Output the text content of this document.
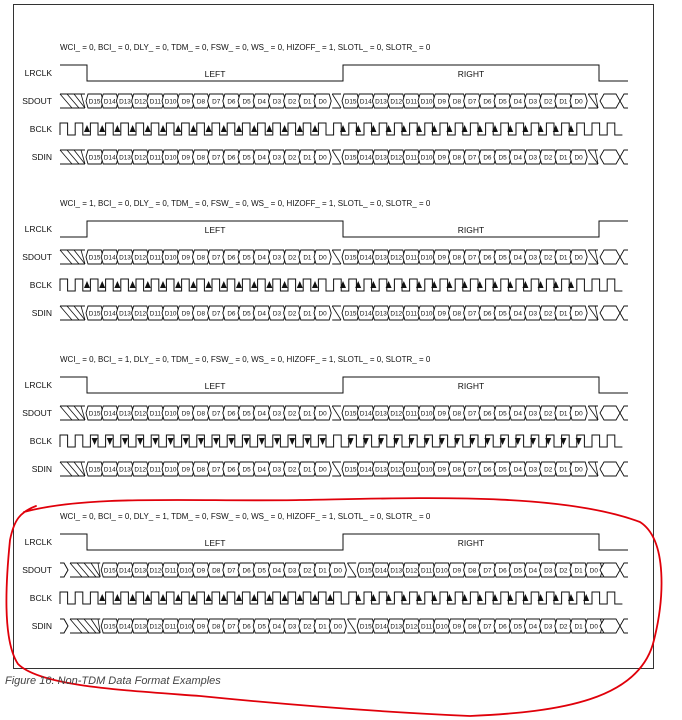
WCI_ = 0, BCI_ = 0, DLY_ = 0, TDM_ = 0, FSW_ = 0, WS_ = 0, HIZOFF_ = 1, SLOTL_ = 0, SLOTR_ = 0
LRCLK
SDOUT
BCLK
SDIN
LEFT	RIGHT
D15 D14 D13 D12 D11 D10 D9 D8 D7 D6 D5 D4 D3 D2 D1 D0	D15 D14 D13 D12 D11 D10 D9 D8 D7 D6 D5 D4 D3 D2 D1 D0
D15 D14 D13 D12 D11 D10 D9 D8 D7 D6 D5 D4 D3 D2 D1 D0	D15 D14 D13 D12 D11 D10 D9 D8 D7 D6 D5 D4 D3 D2 D1 D0
WCI_ = 1, BCI_ = 0, DLY_ = 0, TDM_ = 0, FSW_ = 0, WS_ = 0, HIZOFF_ = 1, SLOTL_ = 0, SLOTR_ = 0
LRCLK
SDOUT
BCLK
SDIN
LEFT	RIGHT
D15 D14 D13 D12 D11 D10 D9 D8 D7 D6 D5 D4 D3 D2 D1 D0	D15 D14 D13 D12 D11 D10 D9 D8 D7 D6 D5 D4 D3 D2 D1 D0
D15 D14 D13 D12 D11 D10 D9 D8 D7 D6 D5 D4 D3 D2 D1 D0	D15 D14 D13 D12 D11 D10 D9 D8 D7 D6 D5 D4 D3 D2 D1 D0
WCI_ = 0, BCI_ = 1, DLY_ = 0, TDM_ = 0, FSW_ = 0, WS_ = 0, HIZOFF_ = 1, SLOTL_ = 0, SLOTR_ = 0
LRCLK
SDOUT
BCLK
SDIN
LEFT	RIGHT
D15 D14 D13 D12 D11 D10 D9 D8 D7 D6 D5 D4 D3 D2 D1 D0	D15 D14 D13 D12 D11 D10 D9 D8 D7 D6 D5 D4 D3 D2 D1 D0
D15 D14 D13 D12 D11 D10 D9 D8 D7 D6 D5 D4 D3 D2 D1 D0	D15 D14 D13 D12 D11 D10 D9 D8 D7 D6 D5 D4 D3 D2 D1 D0
WCI_ = 0, BCI_ = 0, DLY_ = 1, TDM_ = 0, FSW_ = 0, WS_ = 0, HIZOFF_ = 1, SLOTL_ = 0, SLOTR_ = 0
LRCLK
SDOUT
BCLK
SDIN
LEFT	RIGHT
D15 D14 D13 D12 D11 D10 D9 D8 D7 D6 D5 D4 D3 D2 D1 D0	D15 D14 D13 D12 D11 D10 D9 D8 D7 D6 D5 D4 D3 D2 D1 D0
D15 D14 D13 D12 D11 D10 D9 D8 D7 D6 D5 D4 D3 D2 D1 D0	D15 D14 D13 D12 D11 D10 D9 D8 D7 D6 D5 D4 D3 D2 D1 D0
Figure 16: Non-TDM Data Format Examples
